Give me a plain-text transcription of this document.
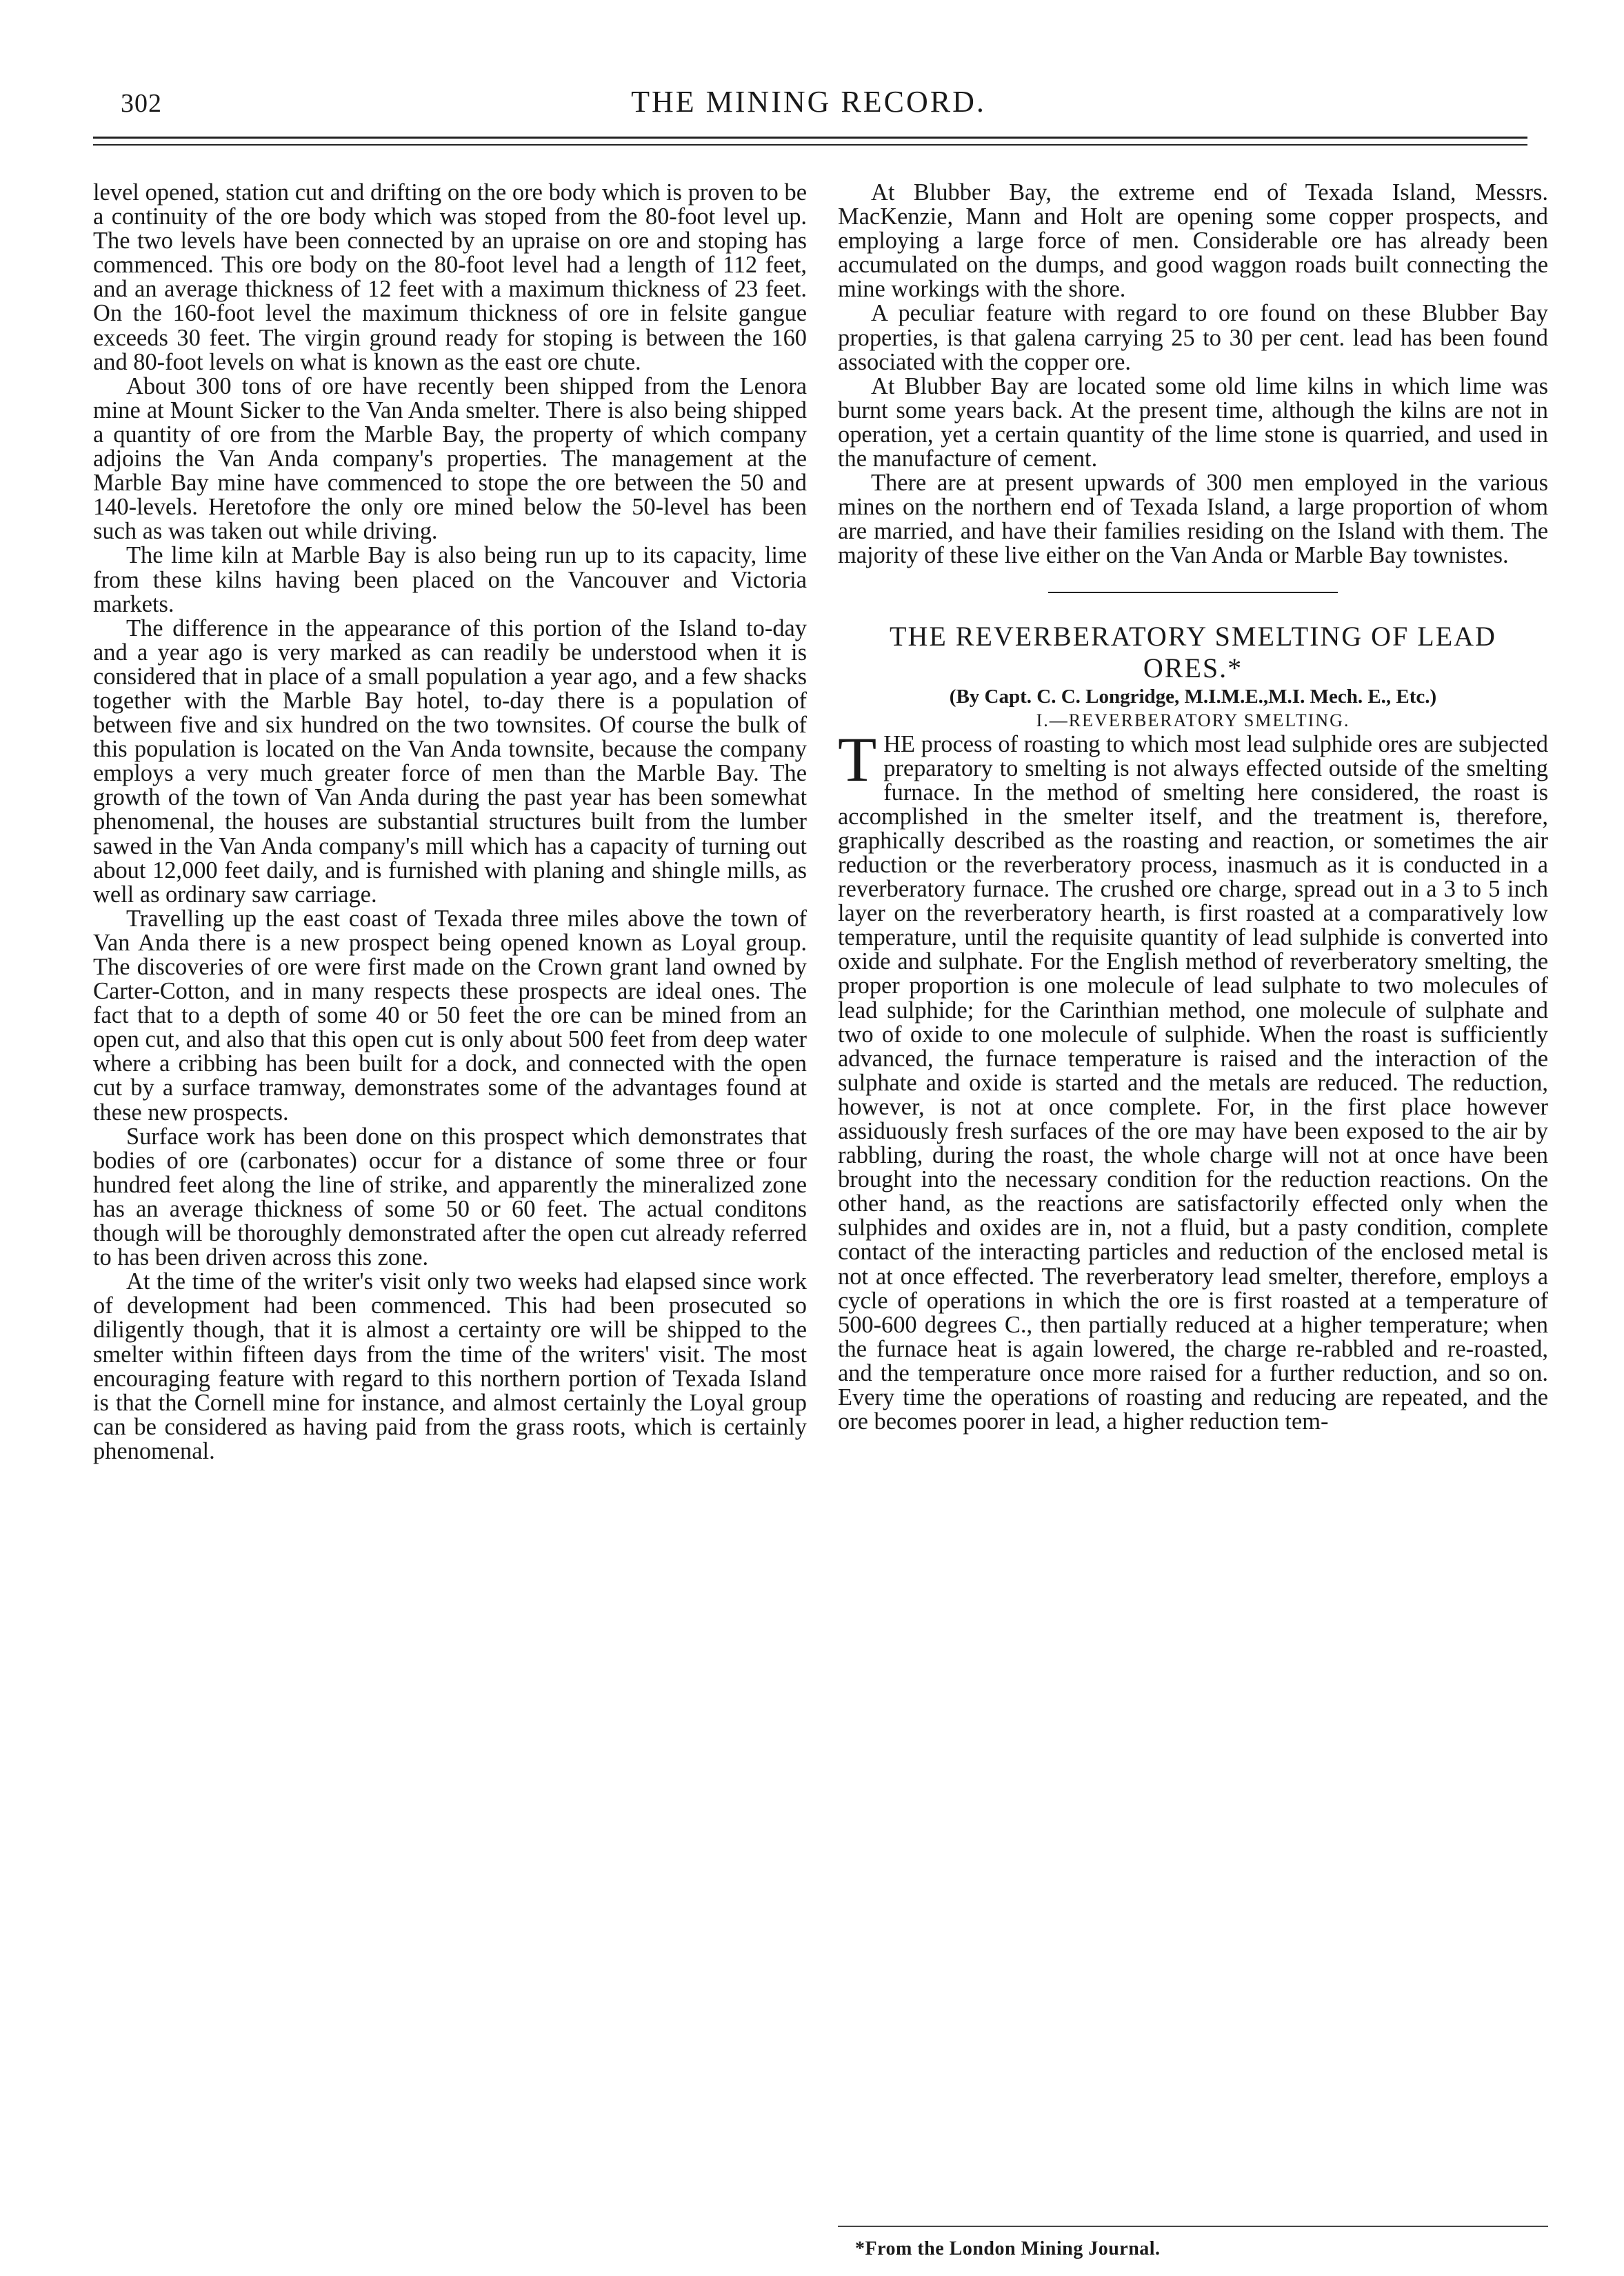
302	THE MINING RECORD.

level opened, station cut and drifting on the ore body which is proven to be a continuity of the ore body which was stoped from the 80-foot level up. The two levels have been connected by an upraise on ore and stoping has commenced. This ore body on the 80-foot level had a length of 112 feet, and an average thickness of 12 feet with a maximum thickness of 23 feet. On the 160-foot level the maximum thickness of ore in felsite gangue exceeds 30 feet. The virgin ground ready for stoping is between the 160 and 80-foot levels on what is known as the east ore chute.

About 300 tons of ore have recently been shipped from the Lenora mine at Mount Sicker to the Van Anda smelter. There is also being shipped a quantity of ore from the Marble Bay, the property of which company adjoins the Van Anda company's properties. The management at the Marble Bay mine have commenced to stope the ore between the 50 and 140-levels. Heretofore the only ore mined below the 50-level has been such as was taken out while driving.

The lime kiln at Marble Bay is also being run up to its capacity, lime from these kilns having been placed on the Vancouver and Victoria markets.

The difference in the appearance of this portion of the Island to-day and a year ago is very marked as can readily be understood when it is considered that in place of a small population a year ago, and a few shacks together with the Marble Bay hotel, to-day there is a population of between five and six hundred on the two townsites. Of course the bulk of this population is located on the Van Anda townsite, because the company employs a very much greater force of men than the Marble Bay. The growth of the town of Van Anda during the past year has been somewhat phenomenal, the houses are substantial structures built from the lumber sawed in the Van Anda company's mill which has a capacity of turning out about 12,000 feet daily, and is furnished with planing and shingle mills, as well as ordinary saw carriage.

Travelling up the east coast of Texada three miles above the town of Van Anda there is a new prospect being opened known as Loyal group. The discoveries of ore were first made on the Crown grant land owned by Carter-Cotton, and in many respects these prospects are ideal ones. The fact that to a depth of some 40 or 50 feet the ore can be mined from an open cut, and also that this open cut is only about 500 feet from deep water where a cribbing has been built for a dock, and connected with the open cut by a surface tramway, demonstrates some of the advantages found at these new prospects.

Surface work has been done on this prospect which demonstrates that bodies of ore (carbonates) occur for a distance of some three or four hundred feet along the line of strike, and apparently the mineralized zone has an average thickness of some 50 or 60 feet. The actual conditons though will be thoroughly demonstrated after the open cut already referred to has been driven across this zone.

At the time of the writer's visit only two weeks had elapsed since work of development had been commenced. This had been prosecuted so diligently though, that it is almost a certainty ore will be shipped to the smelter within fifteen days from the time of the writers' visit. The most encouraging feature with regard to this northern portion of Texada Island is that the Cornell mine for instance, and almost certainly the Loyal group can be considered as having paid from the grass roots, which is certainly phenomenal.

At Blubber Bay, the extreme end of Texada Island, Messrs. MacKenzie, Mann and Holt are opening some copper prospects, and employing a large force of men. Considerable ore has already been accumulated on the dumps, and good waggon roads built connecting the mine workings with the shore.

A peculiar feature with regard to ore found on these Blubber Bay properties, is that galena carrying 25 to 30 per cent. lead has been found associated with the copper ore.

At Blubber Bay are located some old lime kilns in which lime was burnt some years back. At the present time, although the kilns are not in operation, yet a certain quantity of the lime stone is quarried, and used in the manufacture of cement.

There are at present upwards of 300 men employed in the various mines on the northern end of Texada Island, a large proportion of whom are married, and have their families residing on the Island with them. The majority of these live either on the Van Anda or Marble Bay townistes.

THE REVERBERATORY SMELTING OF LEAD ORES.*

(By Capt. C. C. Longridge, M.I.M.E.,M.I. Mech. E., Etc.)

I.—REVERBERATORY SMELTING.

THE process of roasting to which most lead sulphide ores are subjected preparatory to smelting is not always effected outside of the smelting furnace. In the method of smelting here considered, the roast is accomplished in the smelter itself, and the treatment is, therefore, graphically described as the roasting and reaction, or sometimes the air reduction or the reverberatory process, inasmuch as it is conducted in a reverberatory furnace. The crushed ore charge, spread out in a 3 to 5 inch layer on the reverberatory hearth, is first roasted at a comparatively low temperature, until the requisite quantity of lead sulphide is converted into oxide and sulphate. For the English method of reverberatory smelting, the proper proportion is one molecule of lead sulphate to two molecules of lead sulphide; for the Carinthian method, one molecule of sulphate and two of oxide to one molecule of sulphide. When the roast is sufficiently advanced, the furnace temperature is raised and the interaction of the sulphate and oxide is started and the metals are reduced. The reduction, however, is not at once complete. For, in the first place however assiduously fresh surfaces of the ore may have been exposed to the air by rabbling, during the roast, the whole charge will not at once have been brought into the necessary condition for the reduction reactions. On the other hand, as the reactions are satisfactorily effected only when the sulphides and oxides are in, not a fluid, but a pasty condition, complete contact of the interacting particles and reduction of the enclosed metal is not at once effected. The reverberatory lead smelter, therefore, employs a cycle of operations in which the ore is first roasted at a temperature of 500-600 degrees C., then partially reduced at a higher temperature; when the furnace heat is again lowered, the charge re-rabbled and re-roasted, and the temperature once more raised for a further reduction, and so on. Every time the operations of roasting and reducing are repeated, and the ore becomes poorer in lead, a higher reduction tem-

*From the London Mining Journal.
